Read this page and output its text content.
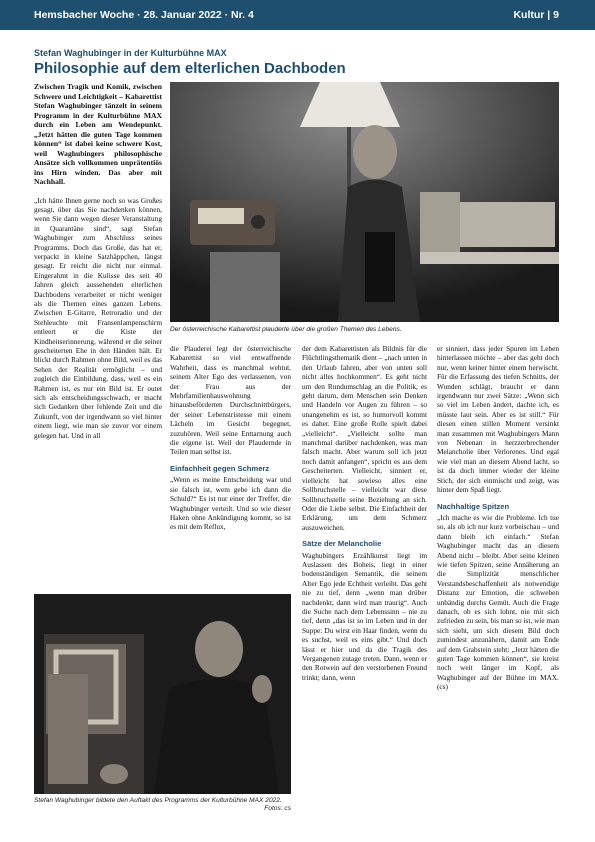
Hemsbacher Woche · 28. Januar 2022 · Nr. 4	Kultur | 9
Stefan Waghubinger in der Kulturbühne MAX
Philosophie auf dem elterlichen Dachboden

Zwischen Tragik und Komik, zwischen Schwere und Leichtigkeit – Kabarettist Stefan Waghubinger tänzelt in seinem Programm in der Kulturbühne MAX durch ein Leben am Wendepunkt. „Jetzt hätten die guten Tage kommen können“ ist dabei keine schwere Kost, weil Waghubingers philosophische Ansätze sich vollkommen unprätentiös ins Hirn winden. Das aber mit Nachhall.

„Ich hätte Ihnen gerne noch so was Großes gesagt, über das Sie nachdenken können, wenn Sie dann wegen dieser Veranstaltung in Quarantäne sind“, sagt Stefan Waghubinger zum Abschluss seines Programms. Doch das Große, das hat er, verpackt in kleine Satzhäppchen, längst gesagt. Er reicht die nicht nur einmal. Eingerahmt in die Kulisse des seit 40 Jahren gleich aussehenden elterlichen Dachbodens verarbeitet er nicht weniger als die Themen eines ganzen Lebens. Zwischen E-Gitarre, Retroradio und der Stehleuchte mit Fransenlampenschirm entleert er die Kiste der Kindheitserinnerung, während er die seiner gescheiterten Ehe in den Händen hält. Er blickt durch Rahmen ohne Bild, weil es das Sehen der Realität ermöglicht – und zugleich die Einbildung, dass, weil es ein Rahmen ist, es nur ein Bild ist. Er outet sich als entscheidungsschwach, er macht sich Gedanken über fehlende Zeit und die Zukunft, von der irgendwann so viel hinter einem liegt, wie man sie zuvor vor einem gelegen hat. Und in all

Der österreichische Kabarettist plauderte über die großen Themen des Lebens.

die Plauderei legt der österreichische Kabarettist so viel entwaffnende Wahrheit, dass es manchmal wehtut, seinem Alter Ego des verlassenen, von der Frau aus der Mehrfamilienhauswohnung hinausbeförderten Durchschnittbürgers, der seiner Lebenstristesse mit einem Lächeln im Gesicht begegnet, zuzuhören. Weil seine Enttarnung auch die eigene ist. Weil der Plaudernde in Teilen man selbst ist.

Einfachheit gegen Schmerz

„Wenn es meine Entscheidung war und sie falsch ist, wem gebe ich dann die Schuld?“ Es ist nur einer der Treffer, die Waghubinger verteilt. Und so wie dieser Haken ohne Ankündigung kommt, so ist es mit dem Reflux,

Stefan Waghubinger bildete den Auftakt des Programms der Kulturbühne MAX 2022.
Fotos: cs

der dem Kabarettisten als Bildnis für die Flüchtlingsthematik dient – „nach unten in den Urlaub fahren, aber von unten soll nicht alles hochkommen“. Es geht nicht um den Rundumschlag an die Politik, es geht darum, dem Menschen sein Denken und Handeln vor Augen zu führen – so unangenehm es ist, so humorvoll kommt es daher. Eine große Rolle spielt dabei „vielleicht“. „Vielleicht sollte man manchmal darüber nachdenken, was man falsch macht. Aber warum soll ich jetzt noch damit anfangen“, spricht es aus dem Gescheiterten. Vielleicht, sinniert er, vielleicht hat sowieso alles eine Sollbruchstelle – vielleicht war diese Sollbruchstelle seine Beziehung an sich. Oder die Liebe selbst. Die Einfachheit der Erklärung, um dem Schmerz auszuweichen.

Sätze der Melancholie

Waghubingers Erzählkunst liegt im Auslassen des Boheis, liegt in einer bodenständigen Semantik, die seinem Alter Ego jede Echtheit verleiht. Das geht nie zu tief, denn „wenn man drüber nachdenkt, dann wird man traurig“. Auch die Suche nach dem Lebenssinn – nie zu tief, denn „das ist so im Leben und in der Suppe: Du wirst ein Haar finden, wenn du es suchst, weil es eins gibt.“ Und doch lässt er hier und da die Tragik des Vergangenen zutage treten. Dann, wenn er den Rotwein auf den verstorbenen Freund trinkt; dann, wenn

er sinniert, dass jeder Spuren im Leben hinterlassen möchte – aber das geht doch nur, wenn keiner hinter einem herwischt. Für die Erfassung des tiefen Schnitts, der Wunden schlägt, braucht er dann irgendwann nur zwei Sätze: „Wenn sich so viel im Leben ändert, dachte ich, es müsste laut sein. Aber es ist still.“ Für diesen einen stillen Moment versinkt man zusammen mit Waghubingers Mann von Nebenan in herzzerbrechender Melancholie über Verlorenes. Und egal wie viel man an diesem Abend lacht, so ist da doch immer wieder der kleine Stich, der sich einmischt und zeigt, was hinter dem Spaß liegt.

Nachhaltige Spitzen

„Ich mache es wie die Probleme. Ich tue so, als ob ich nur kurz vorbeischau – und dann bleib ich einfach.“ Stefan Waghubinger macht das an diesem Abend nicht – bleibt. Aber seine kleinen wie tiefen Spitzen, seine Annäherung an die Simplizität menschlicher Verstandsbeschaffenheit als notwendige Distanz zur Emotion, die schweben unbändig durchs Gemüt. Auch die Frage danach, ob es sich lohnt, nie mit sich zufrieden zu sein, bis man so ist, wie man sich sieht, um sich diesem Bild doch zumindest anzunähern, damit am Ende auf dem Grabstein steht: „Jetzt hätten die guten Tage kommen können“, sie kreist noch weit länger im Kopf, als Waghubinger auf der Bühne im MAX. (cs)
